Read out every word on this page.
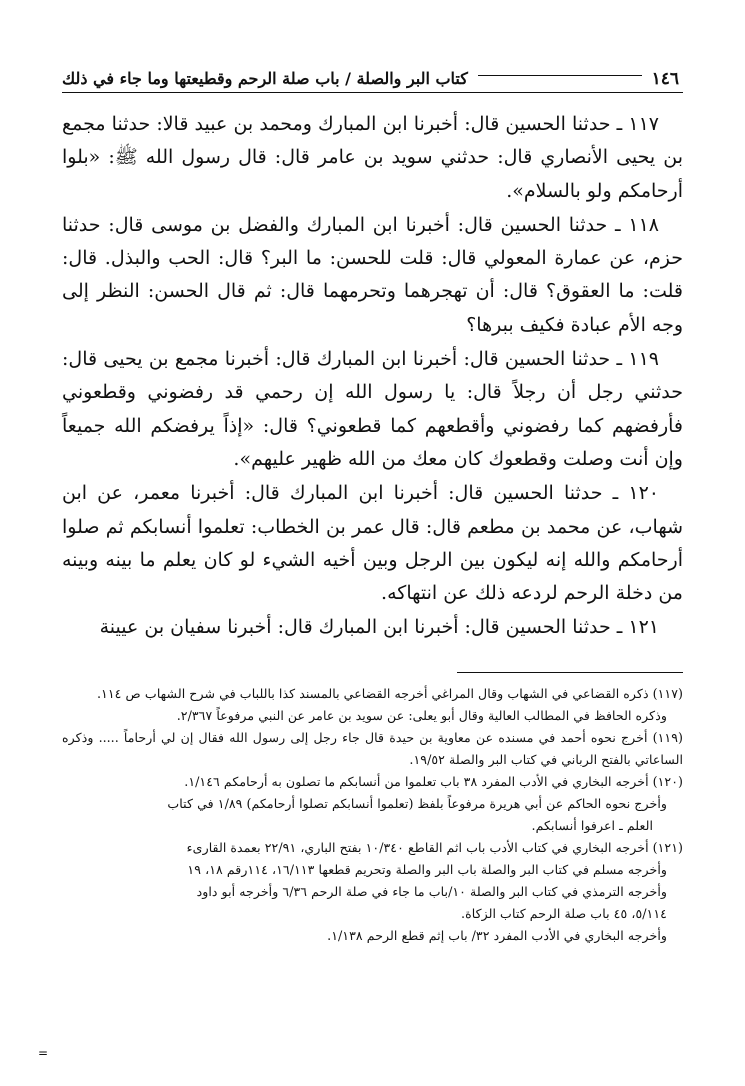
١٤٦
كتاب البر والصلة / باب صلة الرحم وقطيعتها وما جاء في ذلك

١١٧ ـ حدثنا الحسين قال: أخبرنا ابن المبارك ومحمد بن عبيد قالا: حدثنا مجمع بن يحيى الأنصاري قال: حدثني سويد بن عامر قال: قال رسول الله ﷺ: «بلوا أرحامكم ولو بالسلام».

١١٨ ـ حدثنا الحسين قال: أخبرنا ابن المبارك والفضل بن موسى قال: حدثنا حزم، عن عمارة المعولي قال: قلت للحسن: ما البر؟ قال: الحب والبذل. قال: قلت: ما العقوق؟ قال: أن تهجرهما وتحرمهما قال: ثم قال الحسن: النظر إلى وجه الأم عبادة فكيف ببرها؟

١١٩ ـ حدثنا الحسين قال: أخبرنا ابن المبارك قال: أخبرنا مجمع بن يحيى قال: حدثني رجل أن رجلاً قال: يا رسول الله إن رحمي قد رفضوني وقطعوني فأرفضهم كما رفضوني وأقطعهم كما قطعوني؟ قال: «إذاً يرفضكم الله جميعاً وإن أنت وصلت وقطعوك كان معك من الله ظهير عليهم».

١٢٠ ـ حدثنا الحسين قال: أخبرنا ابن المبارك قال: أخبرنا معمر، عن ابن شهاب، عن محمد بن مطعم قال: قال عمر بن الخطاب: تعلموا أنسابكم ثم صلوا أرحامكم والله إنه ليكون بين الرجل وبين أخيه الشيء لو كان يعلم ما بينه وبينه من دخلة الرحم لردعه ذلك عن انتهاكه.

١٢١ ـ حدثنا الحسين قال: أخبرنا ابن المبارك قال: أخبرنا سفيان بن عيينة

(١١٧) ذكره القضاعي في الشهاب وقال المراغي أخرجه القضاعي بالمسند كذا باللباب في شرح الشهاب ص ١١٤.

وذكره الحافظ في المطالب العالية وقال أبو يعلى: عن سويد بن عامر عن النبي مرفوعاً ٢/٣٦٧.

(١١٩) أخرج نحوه أحمد في مسنده عن معاوية بن حيدة قال جاء رجل إلى رسول الله فقال إن لي أرحاماً ..... وذكره الساعاتي بالفتح الرباني في كتاب البر والصلة ١٩/٥٢.

(١٢٠) أخرجه البخاري في الأدب المفرد ٣٨ باب تعلموا من أنسابكم ما تصلون به أرحامكم ١/١٤٦.

وأخرج نحوه الحاكم عن أبي هريرة مرفوعاً بلفظ (تعلموا أنسابكم تصلوا أرحامكم) ١/٨٩ في كتاب

العلم ـ اعرفوا أنسابكم.

(١٢١) أخرجه البخاري في كتاب الأدب باب اثم القاطع ١٠/٣٤٠ بفتح الباري، ٢٢/٩١ بعمدة القارىء

وأخرجه مسلم في كتاب البر والصلة باب البر والصلة وتحريم قطعها ١٦/١١٣، ١١٤رقم ١٨، ١٩

وأخرجه الترمذي في كتاب البر والصلة ١٠/باب ما جاء في صلة الرحم ٦/٣٦ وأخرجه أبو داود

٥/١١٤، ٤٥ باب صلة الرحم كتاب الزكاة.

وأخرجه البخاري في الأدب المفرد ٣٢/ باب إثم قطع الرحم ١/١٣٨.

=
